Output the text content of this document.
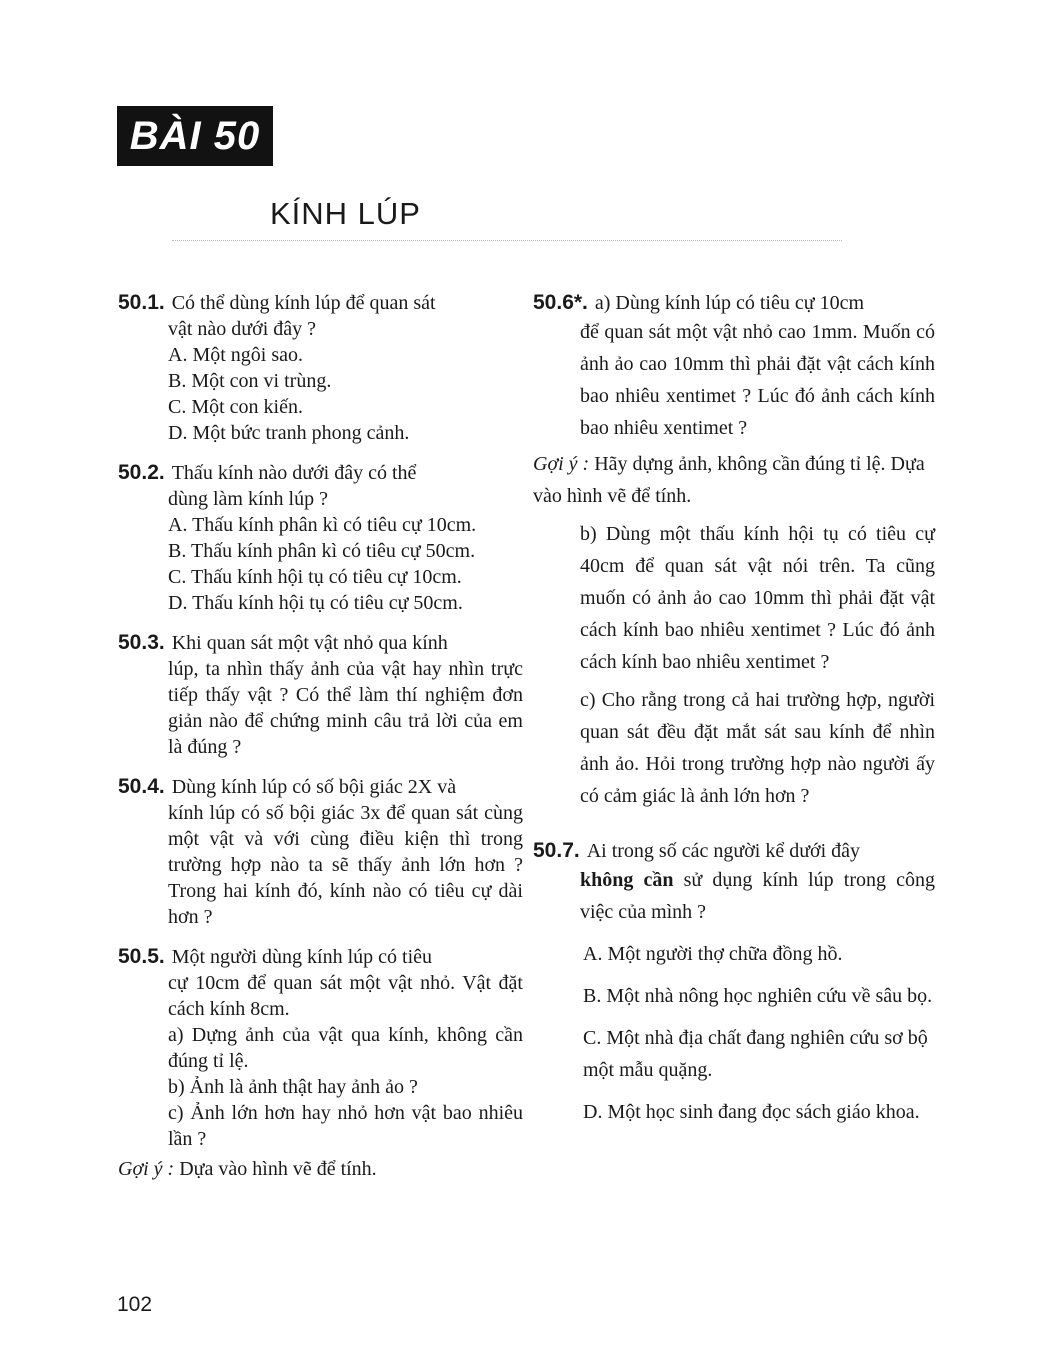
BÀI 50
KÍNH LÚP
50.1. Có thể dùng kính lúp để quan sát
vật nào dưới đây ?
A. Một ngôi sao.
B. Một con vi trùng.
C. Một con kiến.
D. Một bức tranh phong cảnh.
50.2. Thấu kính nào dưới đây có thể
dùng làm kính lúp ?
A. Thấu kính phân kì có tiêu cự 10cm.
B. Thấu kính phân kì có tiêu cự 50cm.
C. Thấu kính hội tụ có tiêu cự 10cm.
D. Thấu kính hội tụ có tiêu cự 50cm.
50.3. Khi quan sát một vật nhỏ qua kính
lúp, ta nhìn thấy ảnh của vật hay nhìn trực tiếp thấy vật ? Có thể làm thí nghiệm đơn giản nào để chứng minh câu trả lời của em là đúng ?
50.4. Dùng kính lúp có số bội giác 2X và
kính lúp có số bội giác 3x để quan sát cùng một vật và với cùng điều kiện thì trong trường hợp nào ta sẽ thấy ảnh lớn hơn ? Trong hai kính đó, kính nào có tiêu cự dài hơn ?
50.5. Một người dùng kính lúp có tiêu
cự 10cm để quan sát một vật nhỏ. Vật đặt cách kính 8cm.
a) Dựng ảnh của vật qua kính, không cần đúng tỉ lệ.
b) Ảnh là ảnh thật hay ảnh ảo ?
c) Ảnh lớn hơn hay nhỏ hơn vật bao nhiêu lần ?
Gợi ý : Dựa vào hình vẽ để tính.
50.6*. a) Dùng kính lúp có tiêu cự 10cm
để quan sát một vật nhỏ cao 1mm. Muốn có ảnh ảo cao 10mm thì phải đặt vật cách kính bao nhiêu xentimet ? Lúc đó ảnh cách kính bao nhiêu xentimet ?
Gợi ý : Hãy dựng ảnh, không cần đúng tỉ lệ. Dựa vào hình vẽ để tính.
b) Dùng một thấu kính hội tụ có tiêu cự 40cm để quan sát vật nói trên. Ta cũng muốn có ảnh ảo cao 10mm thì phải đặt vật cách kính bao nhiêu xentimet ? Lúc đó ảnh cách kính bao nhiêu xentimet ?
c) Cho rằng trong cả hai trường hợp, người quan sát đều đặt mắt sát sau kính để nhìn ảnh ảo. Hỏi trong trường hợp nào người ấy có cảm giác là ảnh lớn hơn ?
50.7. Ai trong số các người kể dưới đây
không cần sử dụng kính lúp trong công việc của mình ?
A. Một người thợ chữa đồng hồ.
B. Một nhà nông học nghiên cứu về sâu bọ.
C. Một nhà địa chất đang nghiên cứu sơ bộ một mẫu quặng.
D. Một học sinh đang đọc sách giáo khoa.
102
